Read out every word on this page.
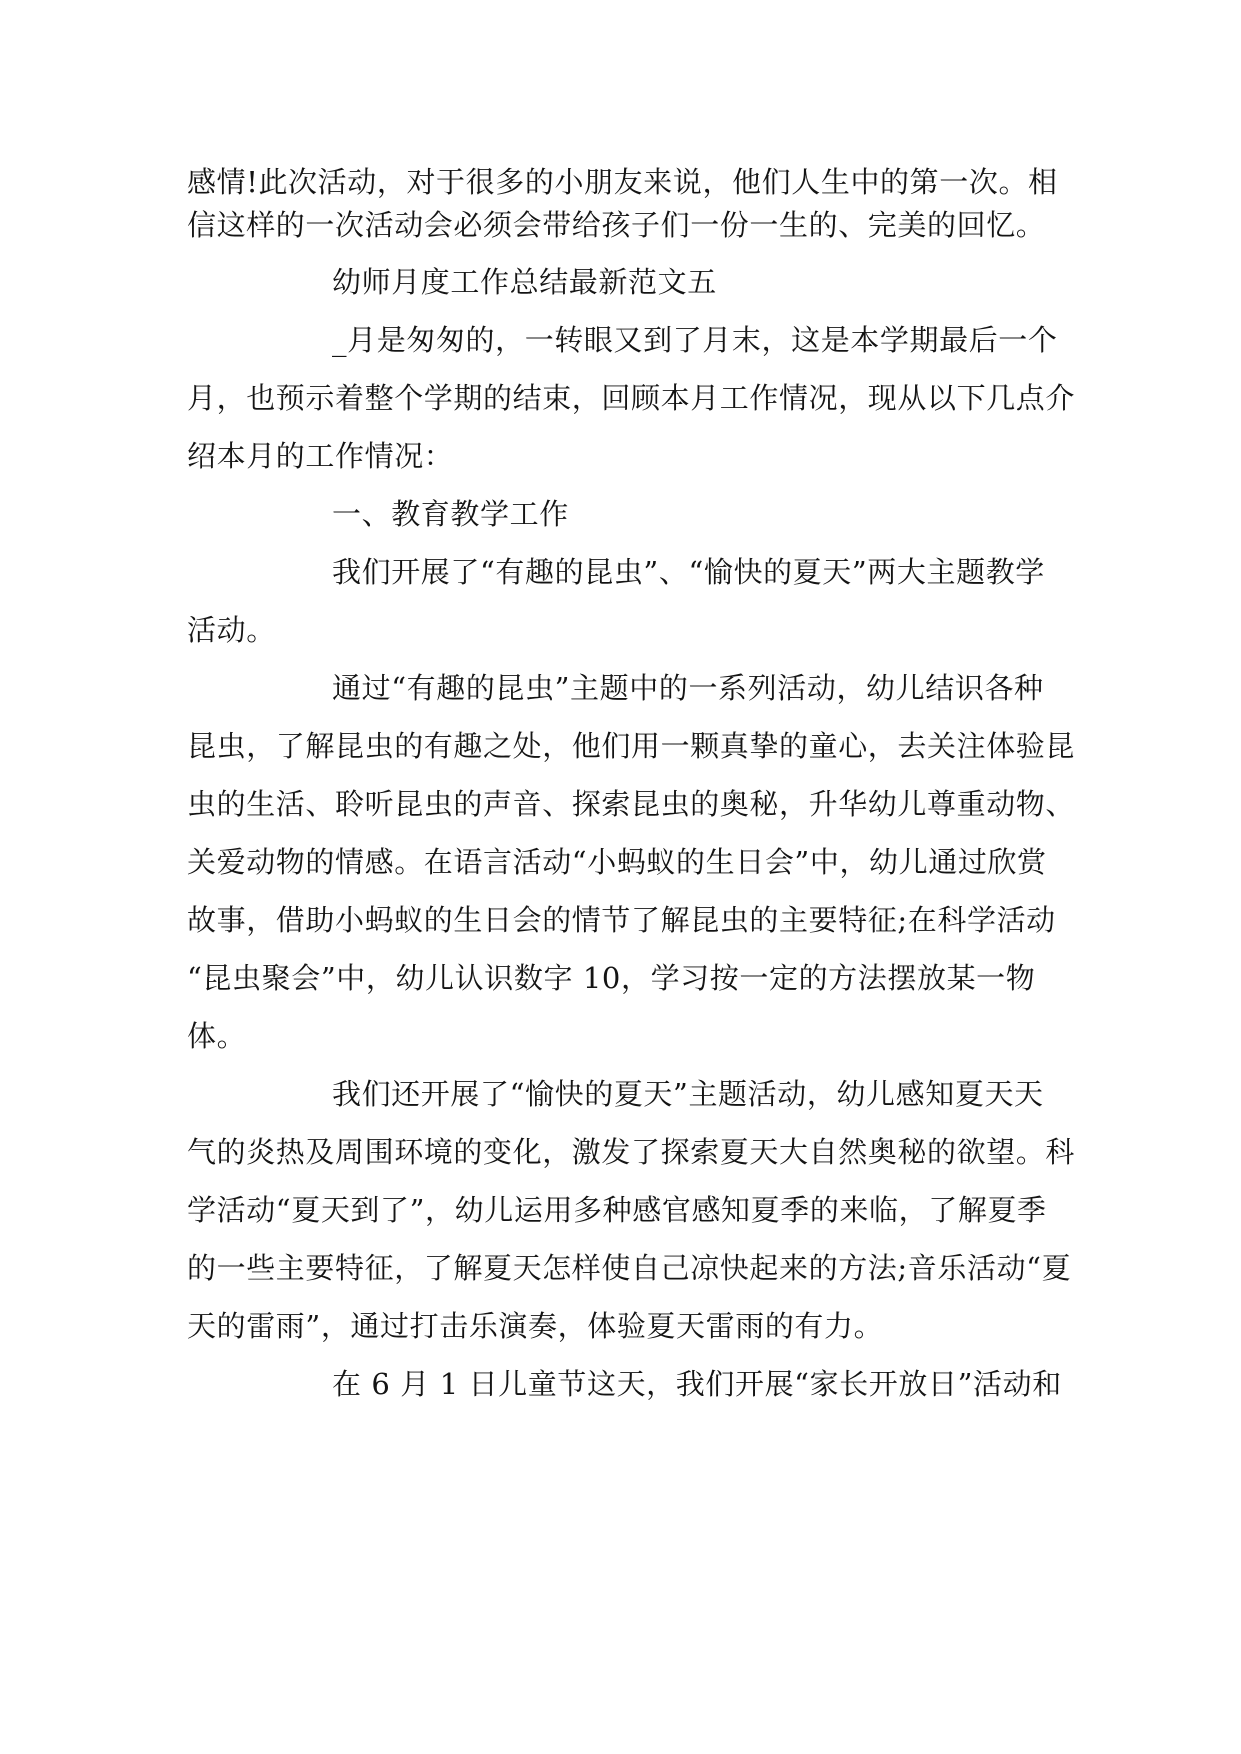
感情!此次活动，对于很多的小朋友来说，他们人生中的第一次。相
信这样的一次活动会必须会带给孩子们一份一生的、完美的回忆。
幼师月度工作总结最新范文五
_月是匆匆的，一转眼又到了月末，这是本学期最后一个
月，也预示着整个学期的结束，回顾本月工作情况，现从以下几点介
绍本月的工作情况：
一、教育教学工作
我们开展了“有趣的昆虫”、“愉快的夏天”两大主题教学
活动。
通过“有趣的昆虫”主题中的一系列活动，幼儿结识各种
昆虫，了解昆虫的有趣之处，他们用一颗真挚的童心，去关注体验昆
虫的生活、聆听昆虫的声音、探索昆虫的奥秘，升华幼儿尊重动物、
关爱动物的情感。在语言活动“小蚂蚁的生日会”中，幼儿通过欣赏
故事，借助小蚂蚁的生日会的情节了解昆虫的主要特征;在科学活动
“昆虫聚会”中，幼儿认识数字 10，学习按一定的方法摆放某一物
体。
我们还开展了“愉快的夏天”主题活动，幼儿感知夏天天
气的炎热及周围环境的变化，激发了探索夏天大自然奥秘的欲望。科
学活动“夏天到了”，幼儿运用多种感官感知夏季的来临，了解夏季
的一些主要特征，了解夏天怎样使自己凉快起来的方法;音乐活动“夏
天的雷雨”，通过打击乐演奏，体验夏天雷雨的有力。
在 6 月 1 日儿童节这天，我们开展“家长开放日”活动和
